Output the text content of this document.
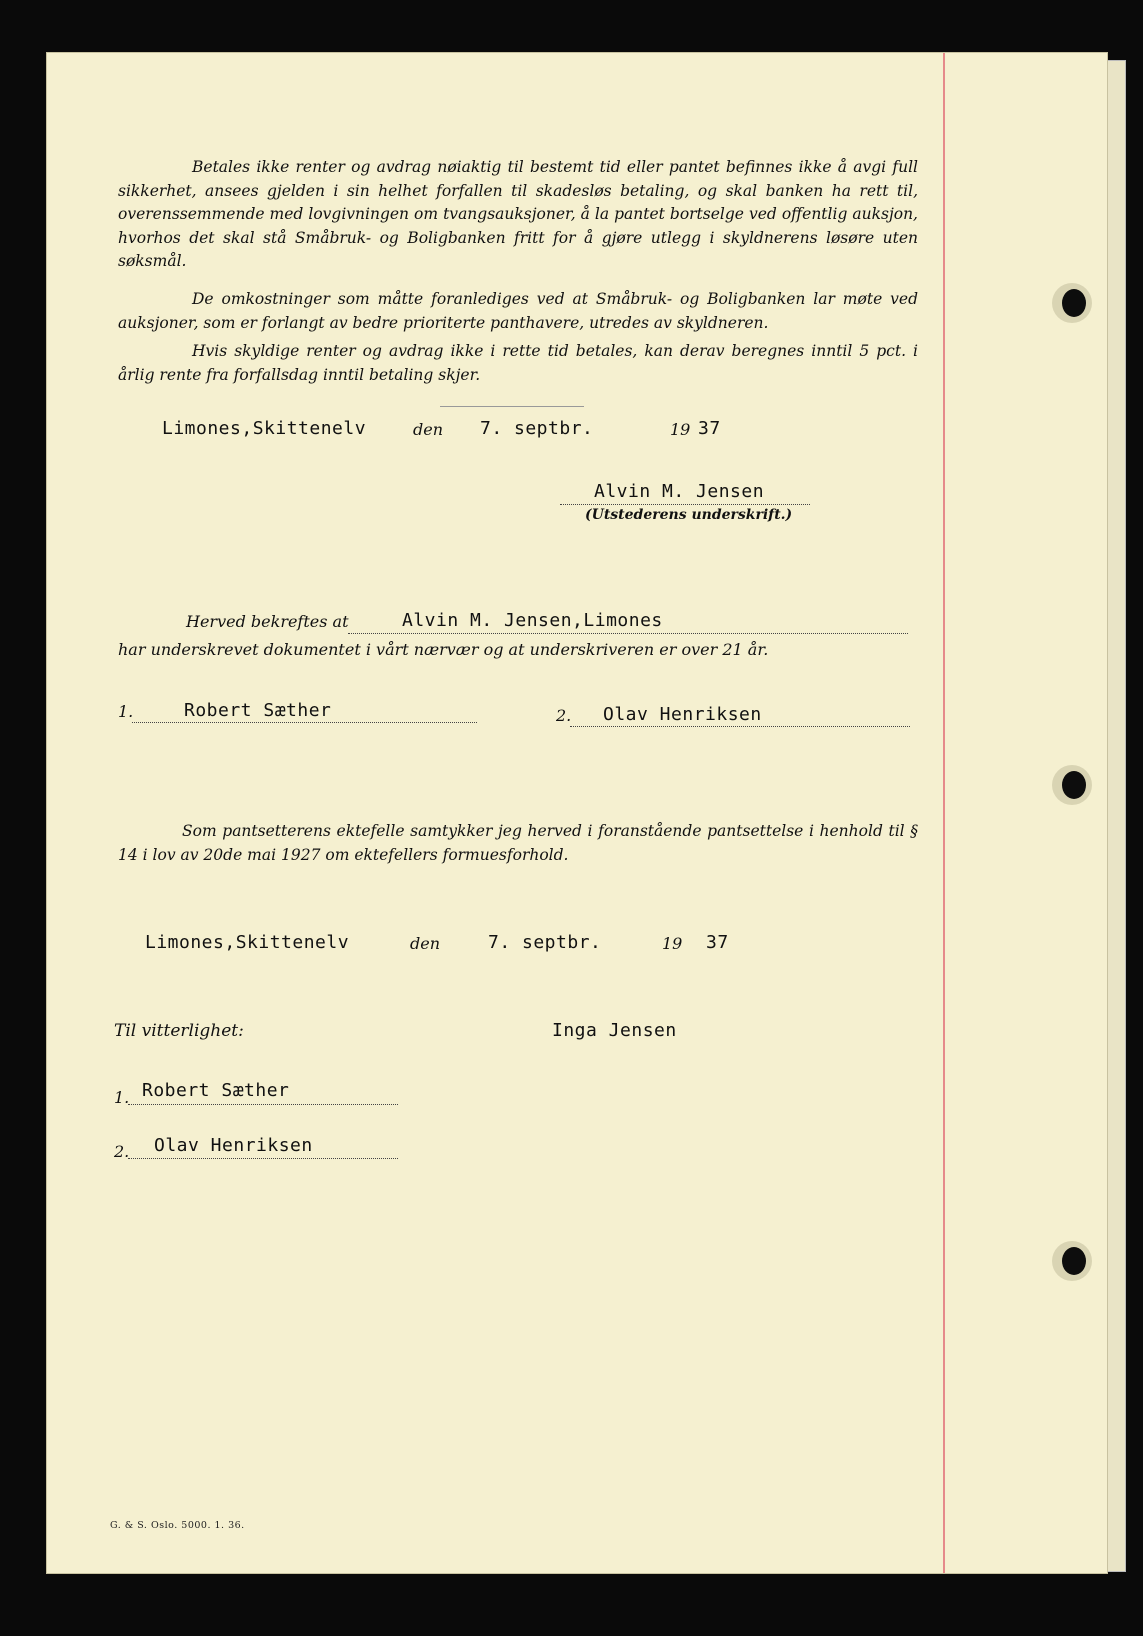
Betales ikke renter og avdrag nøiaktig til bestemt tid eller pantet befinnes ikke å avgi full sikkerhet, ansees gjelden i sin helhet forfallen til skadesløs betaling, og skal banken ha rett til, overenssemmende med lovgivningen om tvangsauksjoner, å la pantet bortselge ved offentlig auksjon, hvorhos det skal stå Småbruk- og Boligbanken fritt for å gjøre utlegg i skyldnerens løsøre uten søksmål.
De omkostninger som måtte foranlediges ved at Småbruk- og Boligbanken lar møte ved auksjoner, som er forlangt av bedre prioriterte panthavere, utredes av skyldneren.
Hvis skyldige renter og avdrag ikke i rette tid betales, kan derav beregnes inntil 5 pct. i årlig rente fra forfallsdag inntil betaling skjer.
Limones,Skittenelv	den 7. septbr.	19 37
Alvin M. Jensen
(Utstederens underskrift.)
Herved bekreftes at	Alvin M. Jensen,Limones
har underskrevet dokumentet i vårt nærvær og at underskriveren er over 21 år.
1.	Robert Sæther	2. Olav Henriksen
Som pantsetterens ektefelle samtykker jeg herved i foranstående pantsettelse i henhold til § 14 i lov av 20de mai 1927 om ektefellers formuesforhold.
Limones,Skittenelv	den	7. septbr.	19 37
Til vitterlighet:	Inga Jensen
1. Robert Sæther
2. Olav Henriksen
G. & S. Oslo. 5000. 1. 36.
